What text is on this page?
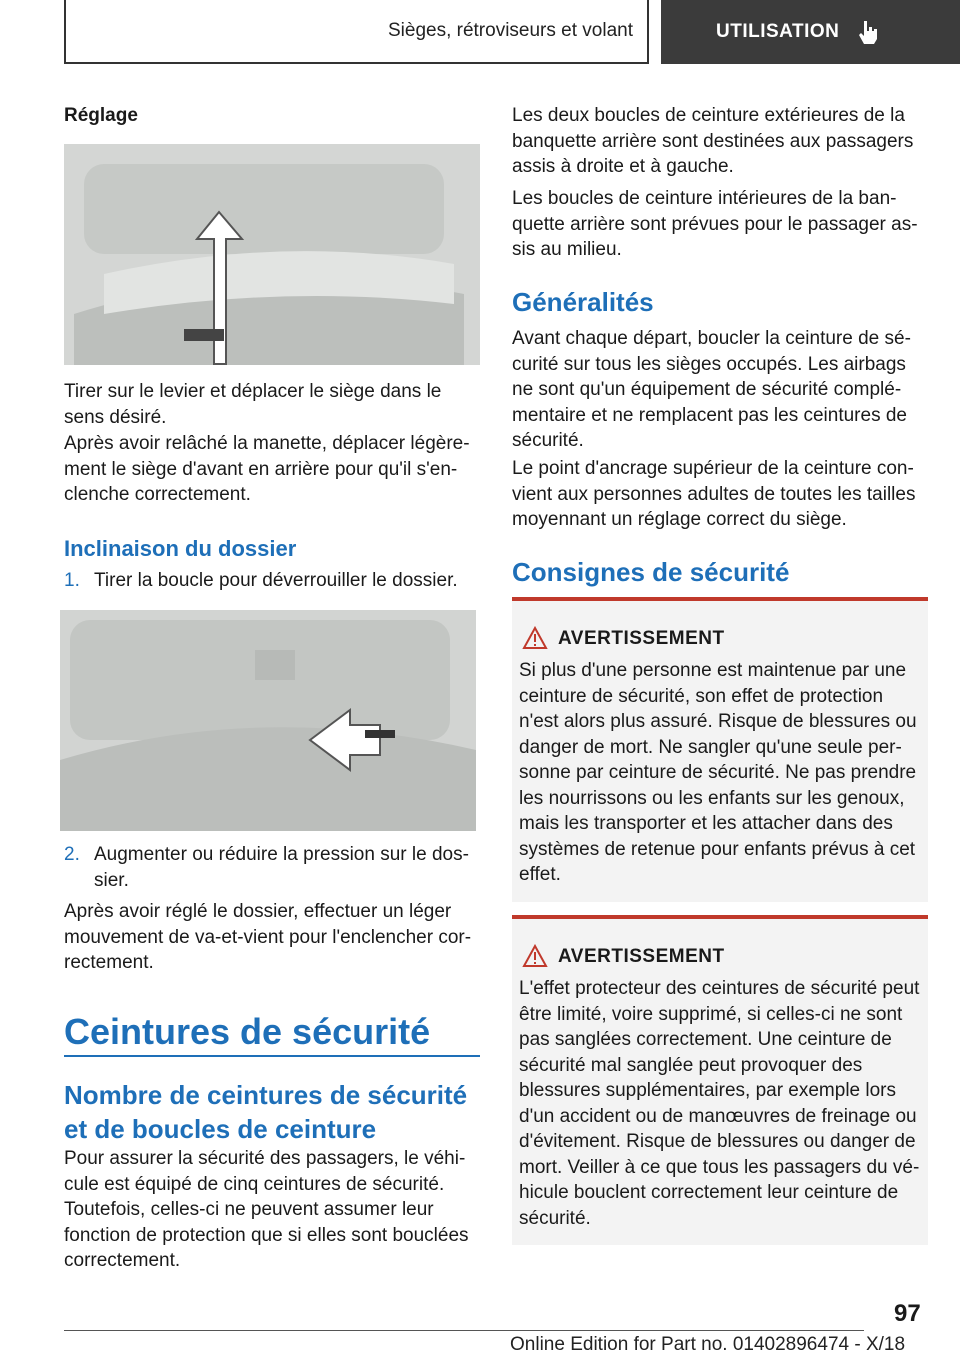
Sièges, rétroviseurs et volant	UTILISATION
Réglage

Tirer sur le levier et déplacer le siège dans le sens désiré.

Après avoir relâché la manette, déplacer légèrement le siège d'avant en arrière pour qu'il s'enclenche correctement.

Inclinaison du dossier
1. Tirer la boucle pour déverrouiller le dossier.
2. Augmenter ou réduire la pression sur le dossier.

Après avoir réglé le dossier, effectuer un léger mouvement de va-et-vient pour l'enclencher correctement.

Ceintures de sécurité
Nombre de ceintures de sécurité et de boucles de ceinture

Pour assurer la sécurité des passagers, le véhicule est équipé de cinq ceintures de sécurité. Toutefois, celles-ci ne peuvent assumer leur fonction de protection que si elles sont bouclées correctement.

Les deux boucles de ceinture extérieures de la banquette arrière sont destinées aux passagers assis à droite et à gauche.

Les boucles de ceinture intérieures de la banquette arrière sont prévues pour le passager assis au milieu.

Généralités

Avant chaque départ, boucler la ceinture de sécurité sur tous les sièges occupés. Les airbags ne sont qu'un équipement de sécurité complémentaire et ne remplacent pas les ceintures de sécurité.

Le point d'ancrage supérieur de la ceinture convient aux personnes adultes de toutes les tailles moyennant un réglage correct du siège.

Consignes de sécurité
AVERTISSEMENT
Si plus d'une personne est maintenue par une ceinture de sécurité, son effet de protection n'est alors plus assuré. Risque de blessures ou danger de mort. Ne sangler qu'une seule personne par ceinture de sécurité. Ne pas prendre les nourrissons ou les enfants sur les genoux, mais les transporter et les attacher dans des systèmes de retenue pour enfants prévus à cet effet.
AVERTISSEMENT
L'effet protecteur des ceintures de sécurité peut être limité, voire supprimé, si celles-ci ne sont pas sanglées correctement. Une ceinture de sécurité mal sanglée peut provoquer des blessures supplémentaires, par exemple lors d'un accident ou de manœuvres de freinage ou d'évitement. Risque de blessures ou danger de mort. Veiller à ce que tous les passagers du véhicule bouclent correctement leur ceinture de sécurité.
97
Online Edition for Part no. 01402896474 - X/18
